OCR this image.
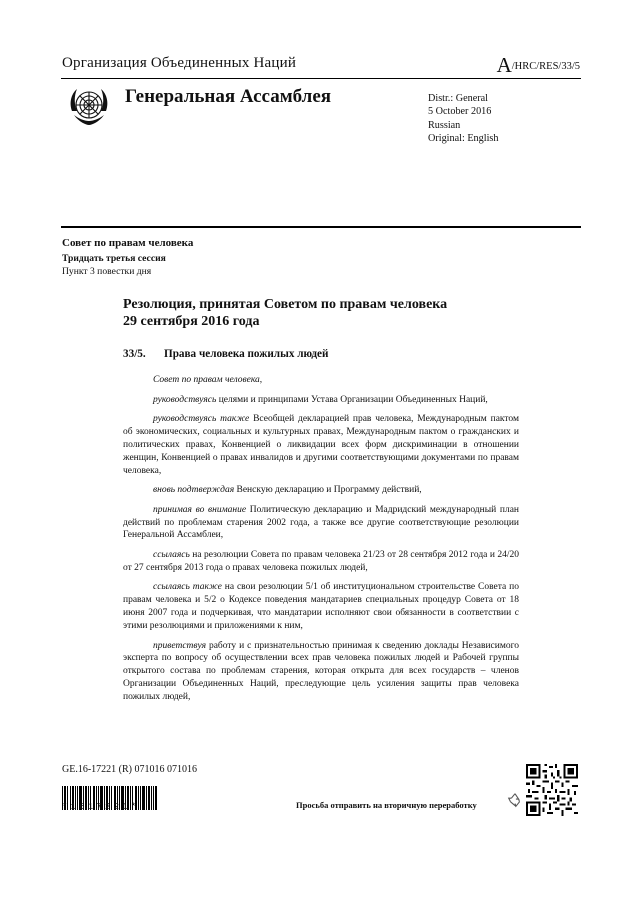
Организация Объединенных Наций	A/HRC/RES/33/5
Генеральная Ассамблея	Distr.: General
5 October 2016
Russian
Original: English
Совет по правам человека
Тридцать третья сессия
Пункт 3 повестки дня
Резолюция, принятая Советом по правам человека
29 сентября 2016 года
33/5. Права человека пожилых людей

Совет по правам человека,

руководствуясь целями и принципами Устава Организации Объединенных Наций,

руководствуясь также Всеобщей декларацией прав человека, Международным пактом об экономических, социальных и культурных правах, Международным пактом о гражданских и политических правах, Конвенцией о ликвидации всех форм дискриминации в отношении женщин, Конвенцией о правах инвалидов и другими соответствующими документами по правам человека,

вновь подтверждая Венскую декларацию и Программу действий,

принимая во внимание Политическую декларацию и Мадридский международный план действий по проблемам старения 2002 года, а также все другие соответствующие резолюции Генеральной Ассамблеи,

ссылаясь на резолюции Совета по правам человека 21/23 от 28 сентября 2012 года и 24/20 от 27 сентября 2013 года о правах человека пожилых людей,

ссылаясь также на свои резолюции 5/1 об институциональном строительстве Совета по правам человека и 5/2 о Кодексе поведения мандатариев специальных процедур Совета от 18 июня 2007 года и подчеркивая, что мандатарии исполняют свои обязанности в соответствии с этими резолюциями и приложениями к ним,

приветствуя работу и с признательностью принимая к сведению доклады Независимого эксперта по вопросу об осуществлении всех прав человека пожилых людей и Рабочей группы открытого состава по проблемам старения, которая открыта для всех государств – членов Организации Объединенных Наций, преследующие цель усиления защиты прав человека пожилых людей,

GE.16-17221 (R) 071016 071016
*1617221*	Просьба отправить на вторичную переработку
